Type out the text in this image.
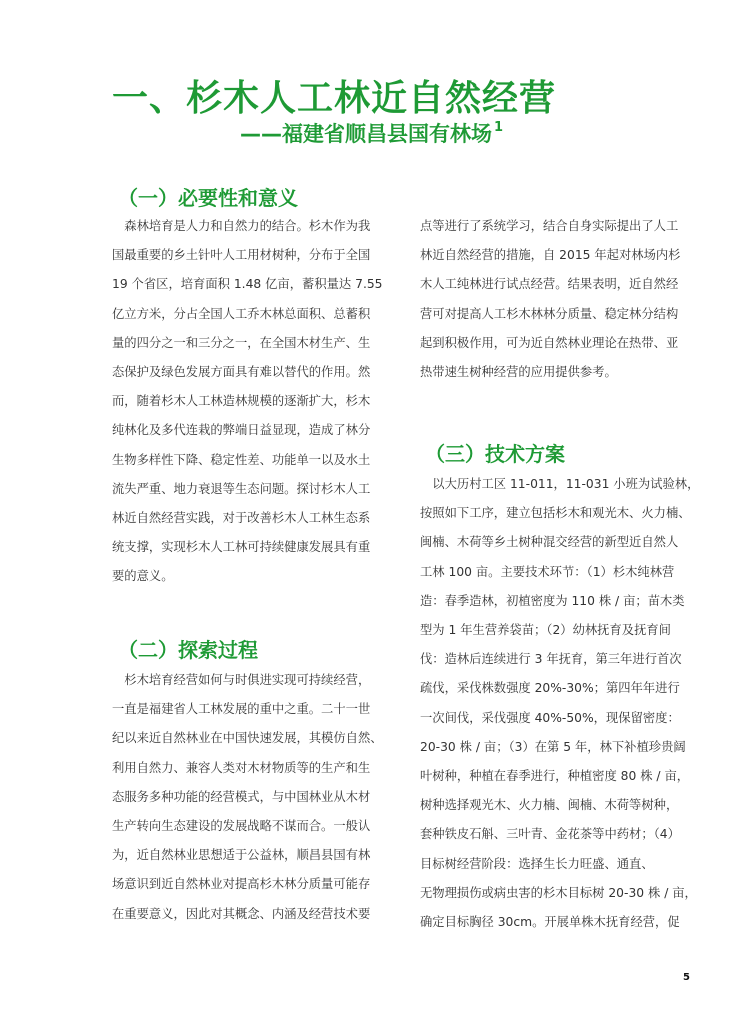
一、杉木人工林近自然经营
——福建省顺昌县国有林场 $^1$
（一）必要性和意义

　森林培育是人力和自然力的结合。杉木作为我
国最重要的乡土针叶人工用材树种，分布于全国
19 个省区，培育面积 1.48 亿亩，蓄积量达 7.55
亿立方米，分占全国人工乔木林总面积、总蓄积
量的四分之一和三分之一，在全国木材生产、生
态保护及绿色发展方面具有难以替代的作用。然
而，随着杉木人工林造林规模的逐渐扩大，杉木
纯林化及多代连栽的弊端日益显现，造成了林分
生物多样性下降、稳定性差、功能单一以及水土
流失严重、地力衰退等生态问题。探讨杉木人工
林近自然经营实践，对于改善杉木人工林生态系
统支撑，实现杉木人工林可持续健康发展具有重
要的意义。

（二）探索过程

　杉木培育经营如何与时俱进实现可持续经营，
一直是福建省人工林发展的重中之重。二十一世
纪以来近自然林业在中国快速发展，其模仿自然、
利用自然力、兼容人类对木材物质等的生产和生
态服务多种功能的经营模式，与中国林业从木材
生产转向生态建设的发展战略不谋而合。一般认
为，近自然林业思想适于公益林，顺昌县国有林
场意识到近自然林业对提高杉木林分质量可能存
在重要意义，因此对其概念、内涵及经营技术要

点等进行了系统学习，结合自身实际提出了人工
林近自然经营的措施，自 2015 年起对林场内杉
木人工纯林进行试点经营。结果表明，近自然经
营可对提高人工杉木林林分质量、稳定林分结构
起到积极作用，可为近自然林业理论在热带、亚
热带速生树种经营的应用提供参考。

（三）技术方案

　以大历村工区 11-011，11-031 小班为试验林，
按照如下工序，建立包括杉木和观光木、火力楠、
闽楠、木荷等乡土树种混交经营的新型近自然人
工林 100 亩。主要技术环节：（1）杉木纯林营
造：春季造林，初植密度为 110 株 / 亩；苗木类
型为 1 年生营养袋苗；（2）幼林抚育及抚育间
伐：造林后连续进行 3 年抚育，第三年进行首次
疏伐，采伐株数强度 20%-30%；第四年年进行
一次间伐，采伐强度 40%-50%，现保留密度：
20-30 株 / 亩；（3）在第 5 年，林下补植珍贵阔
叶树种，种植在春季进行，种植密度 80 株 / 亩，
树种选择观光木、火力楠、闽楠、木荷等树种，
套种铁皮石斛、三叶青、金花茶等中药材；（4）
目标树经营阶段：选择生长力旺盛、通直、
无物理损伤或病虫害的杉木目标树 20-30 株 / 亩，
确定目标胸径 30cm。开展单株木抚育经营，促

5
